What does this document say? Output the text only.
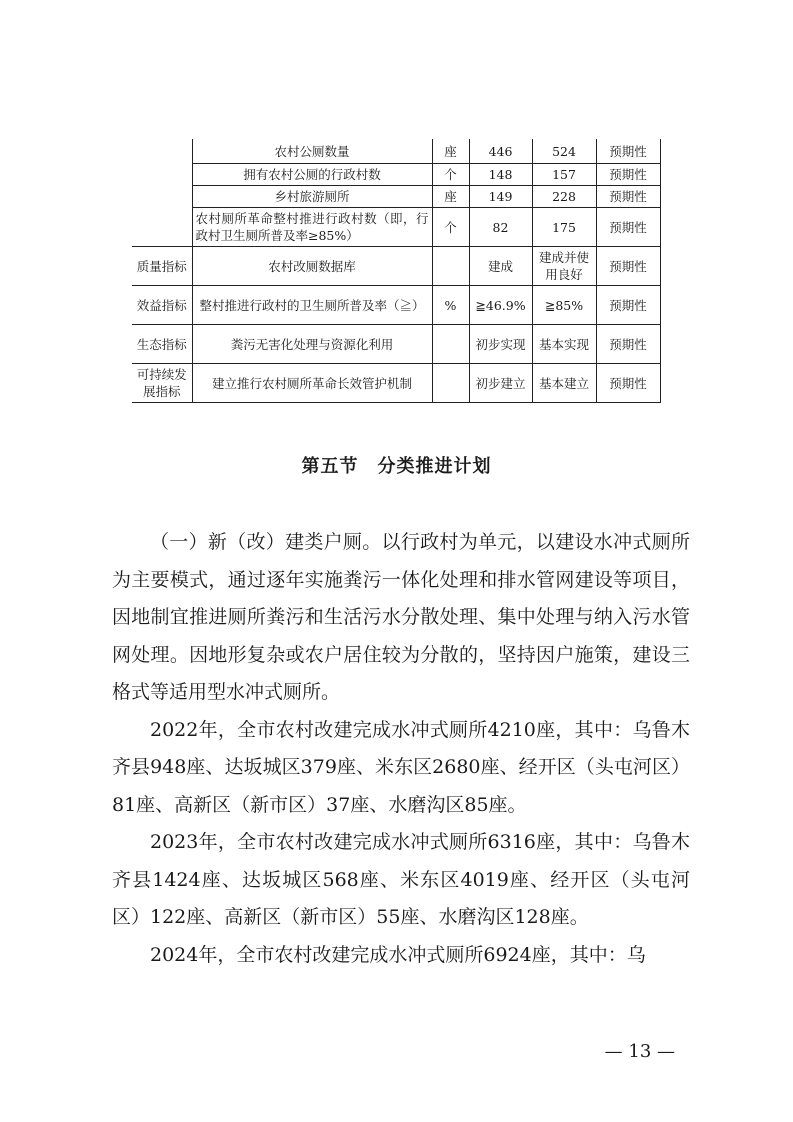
	农村公厕数量	座	446	524	预期性
	拥有农村公厕的行政村数	个	148	157	预期性
	乡村旅游厕所	座	149	228	预期性
	农村厕所革命整村推进行政村数（即，行政村卫生厕所普及率≥85%）	个	82	175	预期性
质量指标	农村改厕数据库		建成	建成并使用良好	预期性
效益指标	整村推进行政村的卫生厕所普及率（≧）	%	≧46.9%	≧85%	预期性
生态指标	粪污无害化处理与资源化利用		初步实现	基本实现	预期性
可持续发展指标	建立推行农村厕所革命长效管护机制		初步建立	基本建立	预期性
第五节　分类推进计划

（一）新（改）建类户厕。以行政村为单元，以建设水冲式厕所为主要模式，通过逐年实施粪污一体化处理和排水管网建设等项目，因地制宜推进厕所粪污和生活污水分散处理、集中处理与纳入污水管网处理。因地形复杂或农户居住较为分散的，坚持因户施策，建设三格式等适用型水冲式厕所。

2022年，全市农村改建完成水冲式厕所4210座，其中：乌鲁木齐县948座、达坂城区379座、米东区2680座、经开区（头屯河区）81座、高新区（新市区）37座、水磨沟区85座。

2023年，全市农村改建完成水冲式厕所6316座，其中：乌鲁木齐县1424座、达坂城区568座、米东区4019座、经开区（头屯河区）122座、高新区（新市区）55座、水磨沟区128座。

2024年，全市农村改建完成水冲式厕所6924座，其中：乌

— 13 —
